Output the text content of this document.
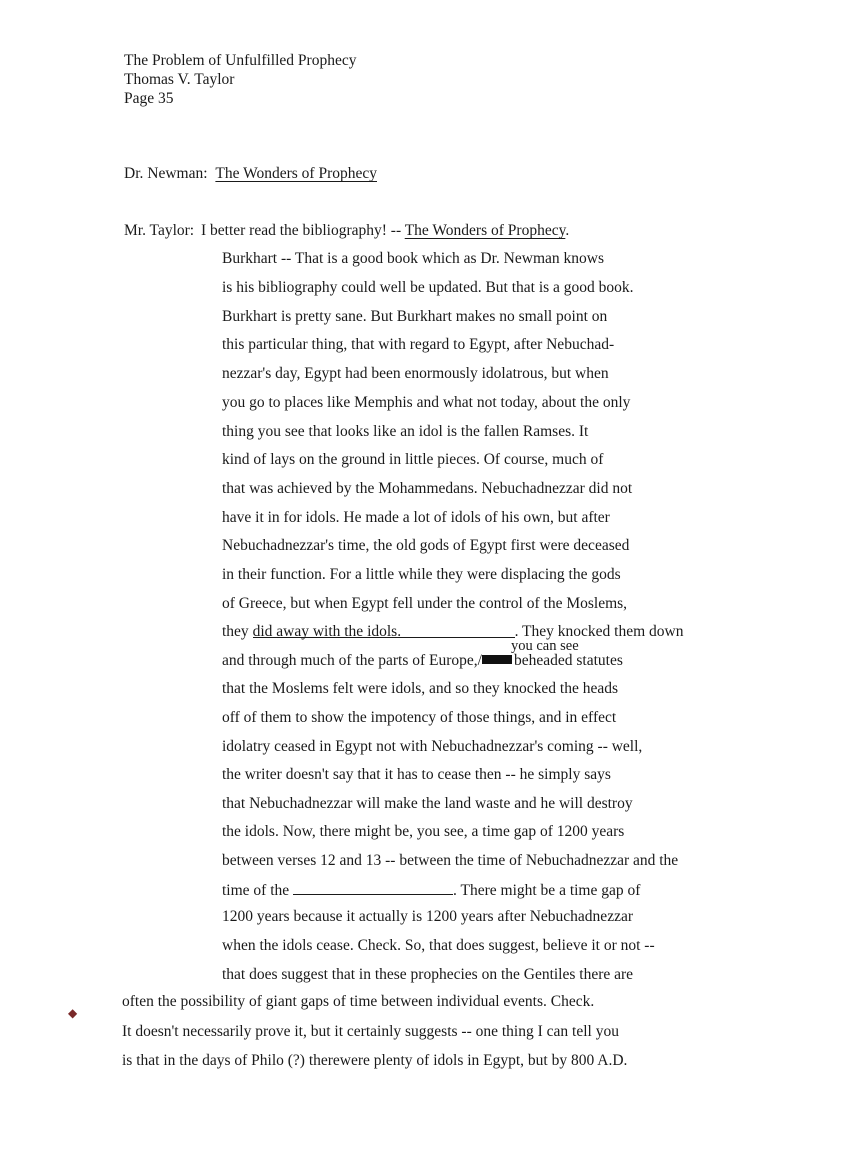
The Problem of Unfulfilled Prophecy
Thomas V. Taylor
Page 35
Dr. Newman: The Wonders of Prophecy
Mr. Taylor: I better read the bibliography! -- The Wonders of Prophecy.
Burkhart -- That is a good book which as Dr. Newman knows
is his bibliography could well be updated. But that is a good book.
Burkhart is pretty sane. But Burkhart makes no small point on
this particular thing, that with regard to Egypt, after Nebuchad-
nezzar's day, Egypt had been enormously idolatrous, but when
you go to places like Memphis and what not today, about the only
thing you see that looks like an idol is the fallen Ramses. It
kind of lays on the ground in little pieces. Of course, much of
that was achieved by the Mohammedans. Nebuchadnezzar did not
have it in for idols. He made a lot of idols of his own, but after
Nebuchadnezzar's time, the old gods of Egypt first were deceased
in their function. For a little while they were displacing the gods
of Greece, but when Egypt fell under the control of the Moslems,
they did away with the idols.	. They knocked them down
you can see
and through much of the parts of Europe,/ beheaded statutes
that the Moslems felt were idols, and so they knocked the heads
off of them to show the impotency of those things, and in effect
idolatry ceased in Egypt not with Nebuchadnezzar's coming -- well,
the writer doesn't say that it has to cease then -- he simply says
that Nebuchadnezzar will make the land waste and he will destroy
the idols. Now, there might be, you see, a time gap of 1200 years
between verses 12 and 13 -- between the time of Nebuchadnezzar and the
time of the	. There might be a time gap of
1200 years because it actually is 1200 years after Nebuchadnezzar
when the idols cease. Check. So, that does suggest, believe it or not --
that does suggest that in these prophecies on the Gentiles there are
◆
often the possibility of giant gaps of time between individual events. Check.
It doesn't necessarily prove it, but it certainly suggests -- one thing I can tell you
is that in the days of Philo (?) therewere plenty of idols in Egypt, but by 800 A.D.
